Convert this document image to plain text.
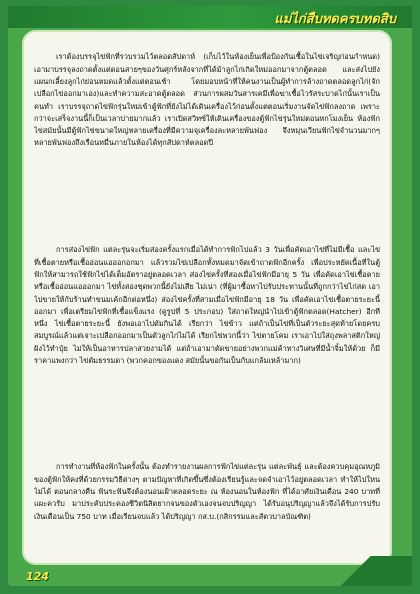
แม่ไก่สืบทดครบทดสิบ

เราต้องบรรจุไข่ฟักที่รวบรวมไว้ตลอดสัปดาห์ (เก็บไว้ในห้องเย็นเพื่อป้องกันเชื้อในไข่เจริญก่อนกำหนด) เอามาบรรจุลงถาดตั้งแต่ตอนสายๆของวันศุกร์หลังจากที่ได้ม้าลูกไก่เกิดใหม่ออกมาจากตู้ตลอด และส่งไปยังแผนกเลี้ยงลูกไก่ย่อนหมดแล้วตั้งแต่ตอนเช้า โดยมอบหน้าที่ให้คนงานเป็นผู้ทำการล้างถาดตลอดลูกไก่(จักเปลือกไข่ออกมาเอง)และทำความสะอาดตู้ตลอด ส่วนการผสมวันสารเคมีเพื่อฆ่าเชื้อไวรัสระบาดไก่นั้นเราเป็นคนทำ เราบรรจุถาดไข่ฟักรุ่นใหม่เข้าตู้ฟักที่ยังไม่ได้เดินเครื่องไว้ก่อนตั้งแต่ตอนเริ่มงานจัดไข่ฟักลงถาด เพราะกว่าจะเสร็จงานนี้ก็เป็นเวลาบ่ายมากแล้ว เราเปิดสวิทซ์ให้เดินเครื่องของตู้ฟักไข่รุ่นใหม่ตอนหกโมงเย็น ห้องฟักไข่สมัยนั้นมีตู้ฟักไข่ขนาดใหญ่หลายเครื่องที่มีความจุเครื่องละหลายพันฟอง จึงหมุนเวียนฟักไข่จำนวนมากๆหลายพันฟองถึงเรือนหมื่นภายในห้องได้ทุกสัปดาห์ตลอดปี

การส่องไข่ฟัก แต่ละรุ่นจะเริ่มส่องครั้งแรกเมื่อได้ทำการฟักไปแล้ว 3 วันเพื่อคัดเอาไข่ที่ไม่มีเชื้อ และไข่ที่เชื้อตายหรือเชื้ออ่อนแอออกอกมา แล้วรวมไข่เปลือกทั้งหมดมาจัดเข้าถาดฟักอีกครั้ง เพื่อประหยัดเนื้อที่ในตู้ฟักให้สามารถใช้ฟักไข่ได้เต็มอัตราอยู่ตลอดเวลา ส่องไข่ครั้งที่สองเมื่อไข่ฟักมีอายุ 5 วัน เพื่อคัดเอาไข่เชื้อตายหรือเชื้ออ่อนแอออกมา ไข่ทั้งสองชุดพวกนี้ยังไม่เสีย ไม่เน่า (ที่ผู้มาซื้อหาไปรับประทานนั้นที่ถูกกว่าไข่ไก่สด เอาไปขายให้กับร้านทำขนมเค้กอีกต่อหนึ่ง) ส่องไข่ครั้งที่สามเมื่อไข่ฟักมีอายุ 18 วัน เพื่อคัดเอาไข่เชื้อตายระยะนี้ออกมา เพื่อเตรียมไข่ฟักที่เชื้อแข็งแรง (ดูรูปที่ 5 ประกอบ) ใส่ถาดใหญ่นำไปเข้าตู้ฟักตลอด(Hatcher) อีกทีหนึ่ง ไข่เชื้อตายระยะนี้ ยังพอเอาไปตัมกินได้ เรียกว่า ไข่ข้าว แต่ถ้าเป็นไข่ที่เป็นตัวระยะสุดท้ายโดยครบสมบูรณ์แล้วแต่เจาะเปลือกออกมาเป็นตัวลูกไก่ไม่ได้ เรียกไข่พวกนี้ว่า ไข่ตายโคม เราเอาไปใส่ถุงพลาสติกใหญ่ฝังไว้ทำปุ๋ย ไม่ให้เป็นอาหารปลาสวยงามได้ แต่ถ้าเอามาตัดขายอย่างพวกแม่ค้าทางวิเศษที่มีน้ำจิ้มให้ด้วย ก็มีราคาแพงกว่า ไข่ตัมธรรมดา (พวกคอกของแดง สมัยนั้นขอกันเป็นกับแกล้มเหล้ามาก)

การทำงานที่ห้องฟักในครั้งนั้น ต้องทำรายงานผลการฟักไข่แต่ละรุ่น แต่ละพันธุ์ และต้องควบคุมอุณหภูมิของตู้ฟักให้คงที่ด้วยกรรมวิธีต่างๆ ตามปัญหาที่เกิดขึ้นซึ่งต้องเรียนรู้และจดจำเอาไว้อยู่ตลอดเวลา ทำให้ไปใหนไม่ได้ ตอนกลางคืน ฟันระฟันจึงต้องนอนเฝ้าตลอดระยะ ณ ห้องนอนในห้องฟัก ที่ได้อาศัยเงินเดือน 240 บาทที่แผะควรับ มาประคับประคองชีวิตนิสิตยากจนของตัวเองจนจบปริญญา ได้รับอนุปริญญาแล้วจึงได้รับการปรับเงินเดือนเป็น 750 บาท เมื่อเรียนจบแล้ว ได้ปริญญา กส.บ.(กสิกรรมและสัตวบาลบัณฑิต)

124
